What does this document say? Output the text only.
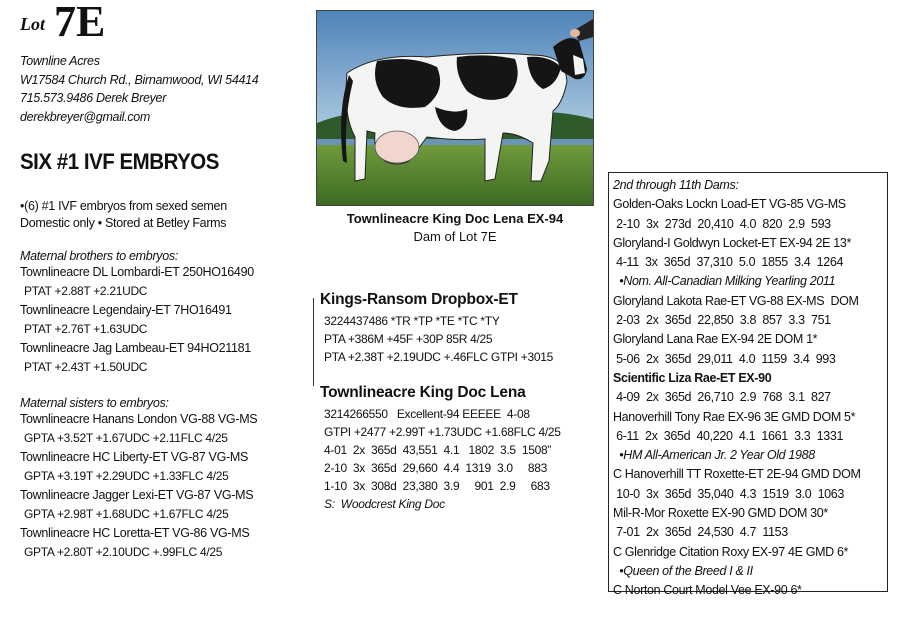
Lot 7E
Townline Acres
W17584 Church Rd., Birnamwood, WI 54414
715.573.9486 Derek Breyer
derekbreyer@gmail.com
SIX #1 IVF EMBRYOS
•(6) #1 IVF embryos from sexed semen
Domestic only • Stored at Betley Farms
Maternal brothers to embryos:
Townlineacre DL Lombardi-ET 250HO16490
PTAT +2.88T +2.21UDC
Townlineacre Legendairy-ET 7HO16491
PTAT +2.76T +1.63UDC
Townlineacre Jag Lambeau-ET 94HO21181
PTAT +2.43T +1.50UDC
Maternal sisters to embryos:
Townlineacre Hanans London VG-88 VG-MS
GPTA +3.52T +1.67UDC +2.11FLC 4/25
Townlineacre HC Liberty-ET VG-87 VG-MS
GPTA +3.19T +2.29UDC +1.33FLC 4/25
Townlineacre Jagger Lexi-ET VG-87 VG-MS
GPTA +2.98T +1.68UDC +1.67FLC 4/25
Townlineacre HC Loretta-ET VG-86 VG-MS
GPTA +2.80T +2.10UDC +.99FLC 4/25
Townlineacre King Doc Lena EX-94
Dam of Lot 7E
Kings-Ransom Dropbox-ET
3224437486 *TR *TP *TE *TC *TY
PTA +386M +45F +30P 85R 4/25
PTA +2.38T +2.19UDC +.46FLC GTPI +3015
Townlineacre King Doc Lena
3214266550   Excellent-94 EEEEE  4-08
GTPI +2477 +2.99T +1.73UDC +1.68FLC 4/25
4-01  2x  365d  43,551  4.1   1802  3.5  1508”
2-10  3x  365d  29,660  4.4  1319  3.0     883
1-10  3x  308d  23,380  3.9     901  2.9     683
S:  Woodcrest King Doc
2nd through 11th Dams:
Golden-Oaks Lockn Load-ET VG-85 VG-MS
2-10  3x  273d  20,410  4.0  820  2.9  593
Gloryland-I Goldwyn Locket-ET EX-94 2E 13*
4-11  3x  365d  37,310  5.0  1855  3.4  1264
•Nom. All-Canadian Milking Yearling 2011
Gloryland Lakota Rae-ET VG-88 EX-MS  DOM
2-03  2x  365d  22,850  3.8  857  3.3  751
Gloryland Lana Rae EX-94 2E DOM 1*
5-06  2x  365d  29,011  4.0  1159  3.4  993
Scientific Liza Rae-ET EX-90
4-09  2x  365d  26,710  2.9  768  3.1  827
Hanoverhill Tony Rae EX-96 3E GMD DOM 5*
6-11  2x  365d  40,220  4.1  1661  3.3  1331
•HM All-American Jr. 2 Year Old 1988
C Hanoverhill TT Roxette-ET 2E-94 GMD DOM
10-0  3x  365d  35,040  4.3  1519  3.0  1063
Mil-R-Mor Roxette EX-90 GMD DOM 30*
7-01  2x  365d  24,530  4.7  1153
C Glenridge Citation Roxy EX-97 4E GMD 6*
•Queen of the Breed I & II
C Norton Court Model Vee EX-90 6*
